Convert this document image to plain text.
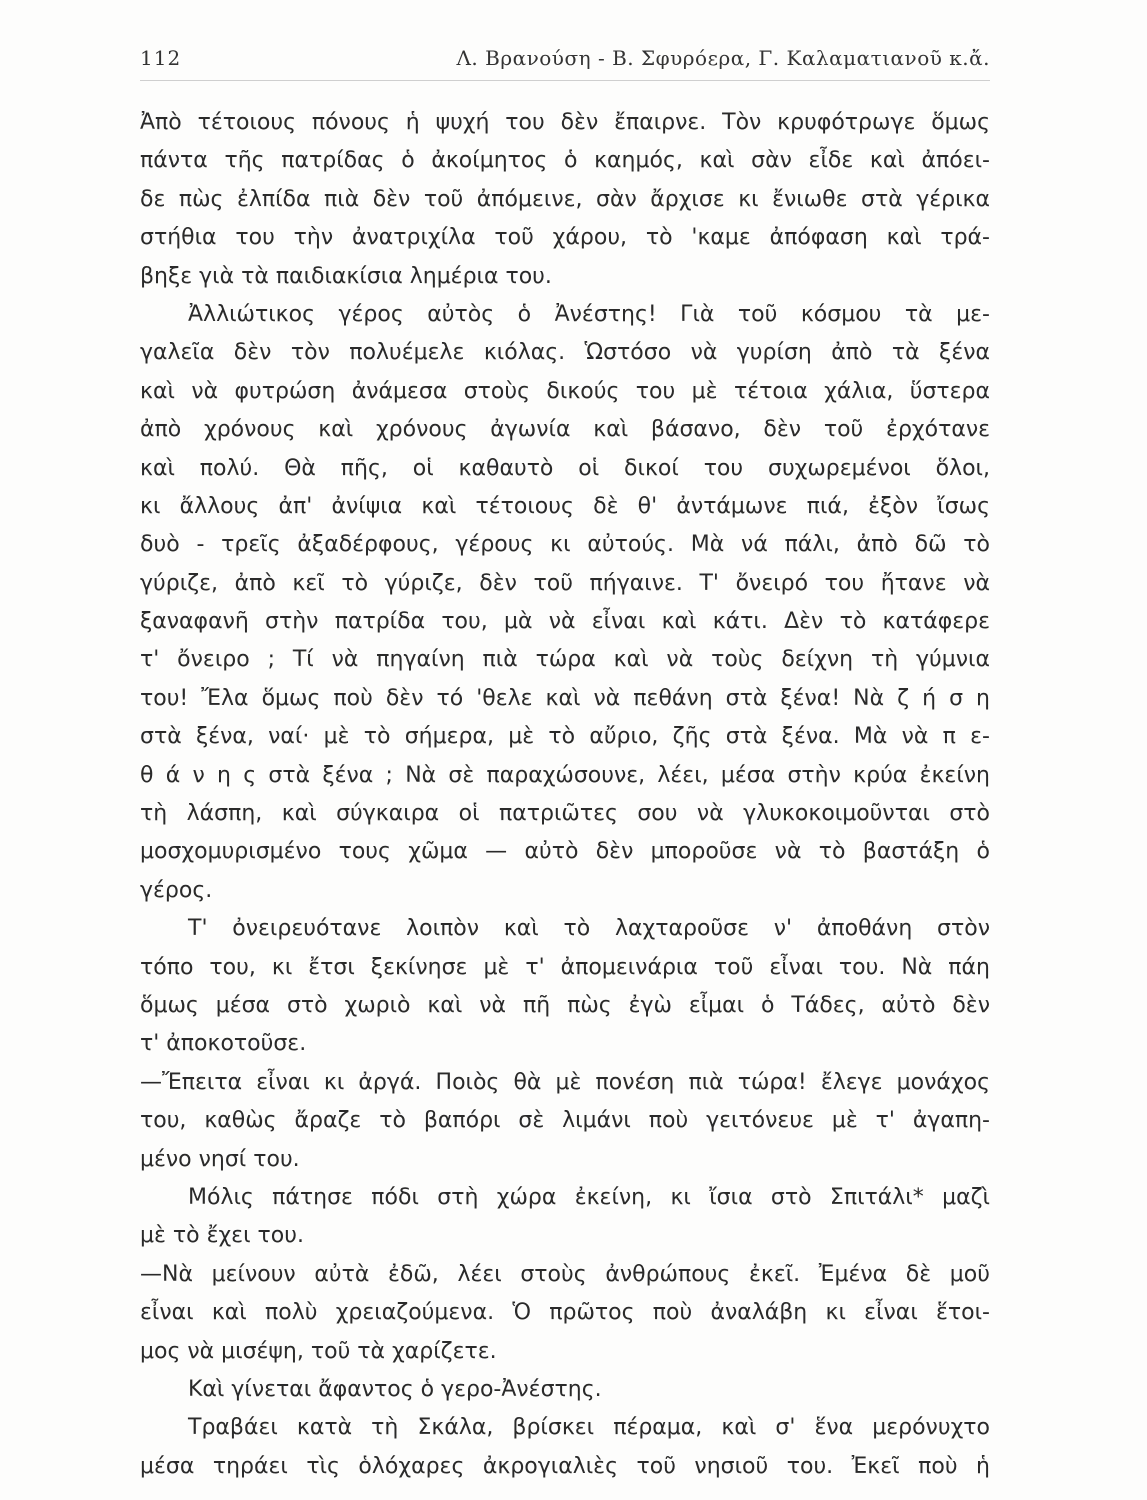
112	Λ. Βρανούση - Β. Σφυρόερα, Γ. Καλαματιανοῦ κ.ἄ.
Ἀπὸ τέτοιους πόνους ἡ ψυχή του δὲν ἔπαιρνε. Τὸν κρυφότρωγε ὅμως
πάντα τῆς πατρίδας ὁ ἀκοίμητος ὁ καημός, καὶ σὰν εἶδε καὶ ἀπόει-
δε πὼς ἐλπίδα πιὰ δὲν τοῦ ἀπόμεινε, σὰν ἄρχισε κι ἔνιωθε στὰ γέρικα
στήθια του τὴν ἀνατριχίλα τοῦ χάρου, τὸ 'καμε ἀπόφαση καὶ τρά-
βηξε γιὰ τὰ παιδιακίσια λημέρια του.
Ἀλλιώτικος γέρος αὐτὸς ὁ Ἀνέστης! Γιὰ τοῦ κόσμου τὰ με-
γαλεῖα δὲν τὸν πολυέμελε κιόλας. Ὡστόσο νὰ γυρίση ἀπὸ τὰ ξένα
καὶ νὰ φυτρώση ἀνάμεσα στοὺς δικούς του μὲ τέτοια χάλια, ὕστερα
ἀπὸ χρόνους καὶ χρόνους ἀγωνία καὶ βάσανο, δὲν τοῦ ἐρχότανε
καὶ πολύ. Θὰ πῆς, οἱ καθαυτὸ οἱ δικοί του συχωρεμένοι ὅλοι,
κι ἄλλους ἀπ' ἀνίψια καὶ τέτοιους δὲ θ' ἀντάμωνε πιά, ἐξὸν ἴσως
δυὸ - τρεῖς ἀξαδέρφους, γέρους κι αὐτούς. Μὰ νά πάλι, ἀπὸ δῶ τὸ
γύριζε, ἀπὸ κεῖ τὸ γύριζε, δὲν τοῦ πήγαινε. Τ' ὄνειρό του ἤτανε νὰ
ξαναφανῆ στὴν πατρίδα του, μὰ νὰ εἶναι καὶ κάτι. Δὲν τὸ κατάφερε
τ' ὄνειρο ; Τί νὰ πηγαίνη πιὰ τώρα καὶ νὰ τοὺς δείχνη τὴ γύμνια
του! Ἔλα ὅμως ποὺ δὲν τό 'θελε καὶ νὰ πεθάνη στὰ ξένα! Νὰ ζ ή σ η
στὰ ξένα, ναί· μὲ τὸ σήμερα, μὲ τὸ αὔριο, ζῆς στὰ ξένα. Μὰ νὰ π ε-
θ ά ν η ς στὰ ξένα ; Νὰ σὲ παραχώσουνε, λέει, μέσα στὴν κρύα ἐκείνη
τὴ λάσπη, καὶ σύγκαιρα οἱ πατριῶτες σου νὰ γλυκοκοιμοῦνται στὸ
μοσχομυρισμένο τους χῶμα — αὐτὸ δὲν μποροῦσε νὰ τὸ βαστάξη ὁ
γέρος.
Τ' ὀνειρευότανε λοιπὸν καὶ τὸ λαχταροῦσε ν' ἀποθάνη στὸν
τόπο του, κι ἔτσι ξεκίνησε μὲ τ' ἀπομεινάρια τοῦ εἶναι του. Νὰ πάη
ὅμως μέσα στὸ χωριὸ καὶ νὰ πῆ πὼς ἐγὼ εἶμαι ὁ Τάδες, αὐτὸ δὲν
τ' ἀποκοτοῦσε.
—Ἔπειτα εἶναι κι ἀργά. Ποιὸς θὰ μὲ πονέση πιὰ τώρα! ἔλεγε μονάχος
του, καθὼς ἄραζε τὸ βαπόρι σὲ λιμάνι ποὺ γειτόνευε μὲ τ' ἀγαπη-
μένο νησί του.
Μόλις πάτησε πόδι στὴ χώρα ἐκείνη, κι ἴσια στὸ Σπιτάλι* μαζὶ
μὲ τὸ ἔχει του.
—Νὰ μείνουν αὐτὰ ἐδῶ, λέει στοὺς ἀνθρώπους ἐκεῖ. Ἐμένα δὲ μοῦ
εἶναι καὶ πολὺ χρειαζούμενα. Ὁ πρῶτος ποὺ ἀναλάβη κι εἶναι ἕτοι-
μος νὰ μισέψη, τοῦ τὰ χαρίζετε.
Καὶ γίνεται ἄφαντος ὁ γερο-Ἀνέστης.
Τραβάει κατὰ τὴ Σκάλα, βρίσκει πέραμα, καὶ σ' ἕνα μερόνυχτο
μέσα τηράει τὶς ὁλόχαρες ἀκρογιαλιὲς τοῦ νησιοῦ του. Ἐκεῖ ποὺ ἡ
